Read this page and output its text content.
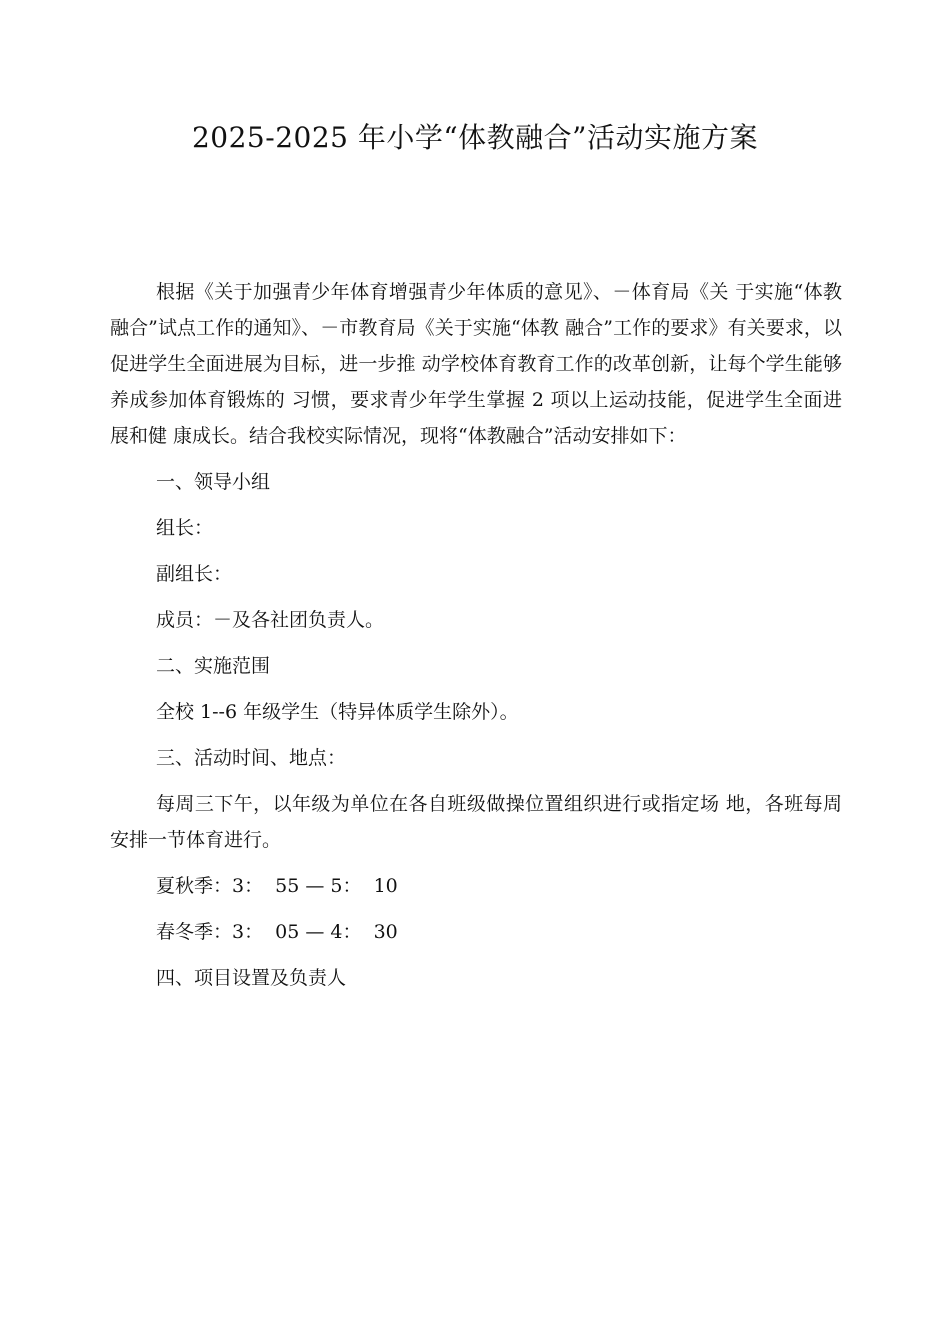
2025-2025 年小学“体教融合”活动实施方案

根据《关于加强青少年体育增强青少年体质的意见》、－体育局《关 于实施“体教融合”试点工作的通知》、－市教育局《关于实施“体教 融合”工作的要求》有关要求，以促进学生全面进展为目标，进一步推 动学校体育教育工作的改革创新，让每个学生能够养成参加体育锻炼的 习惯，要求青少年学生掌握 2 项以上运动技能，促进学生全面进展和健 康成长。结合我校实际情况，现将“体教融合”活动安排如下：

一、领导小组

组长：

副组长：

成员：－及各社团负责人。

二、实施范围

全校 1--6 年级学生（特异体质学生除外）。

三、活动时间、地点：

每周三下午，以年级为单位在各自班级做操位置组织进行或指定场 地，各班每周安排一节体育进行。

夏秋季：3：  55 — 5：  10

春冬季：3：  05 — 4：  30

四、项目设置及负责人
